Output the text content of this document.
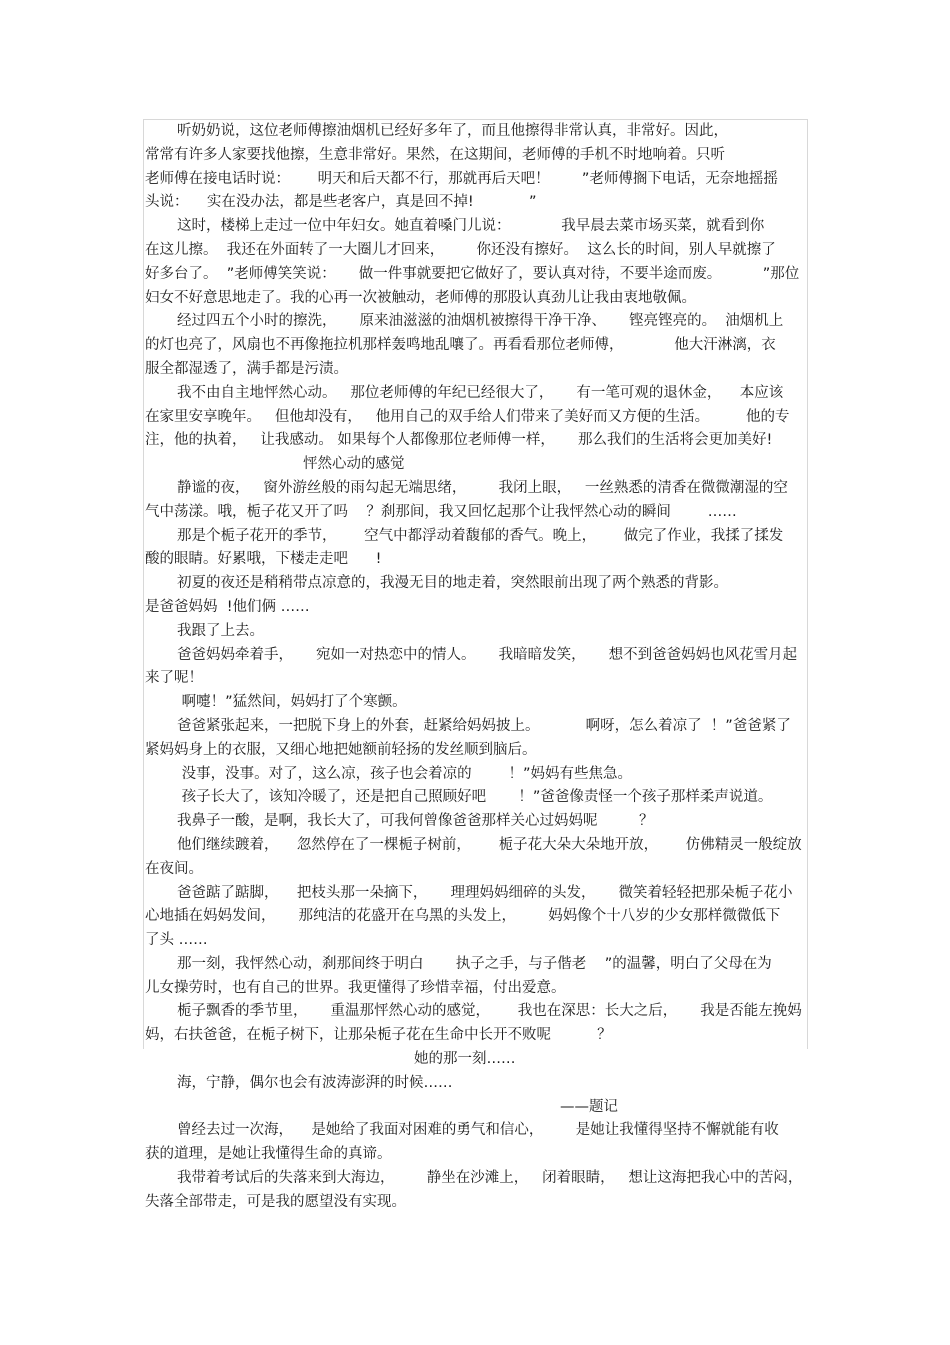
听奶奶说，这位老师傅擦油烟机已经好多年了，而且他擦得非常认真，非常好。因此，
常常有许多人家要找他擦，生意非常好。果然，在这期间，老师傅的手机不时地响着。只听
老师傅在接电话时说：      明天和后天都不行，那就再后天吧！       ”老师傅搁下电话，无奈地摇摇
头说：    实在没办法，都是些老客户，真是回不掉!            ”
这时，楼梯上走过一位中年妇女。她直着嗓门儿说：           我早晨去菜市场买菜，就看到你
在这儿擦。  我还在外面转了一大圈儿才回来，       你还没有擦好。  这么长的时间，别人早就擦了
好多台了。  ”老师傅笑笑说：     做一件事就要把它做好了，要认真对待，不要半途而废。         ”那位
妇女不好意思地走了。我的心再一次被触动，老师傅的那股认真劲儿让我由衷地敬佩。
经过四五个小时的擦洗，     原来油滋滋的油烟机被擦得干净干净、     铿亮铿亮的。  油烟机上
的灯也亮了，风扇也不再像拖拉机那样轰鸣地乱嚷了。再看看那位老师傅，           他大汗淋漓，衣
服全都湿透了，满手都是污渍。
我不由自主地怦然心动。   那位老师傅的年纪已经很大了，     有一笔可观的退休金，    本应该
在家里安享晚年。   但他却没有，   他用自己的双手给人们带来了美好而又方便的生活。        他的专
注，他的执着，   让我感动。 如果每个人都像那位老师傅一样，     那么我们的生活将会更加美好!
怦然心动的感觉
静谧的夜，   窗外游丝般的雨勾起无端思绪，       我闭上眼，   一丝熟悉的清香在微微潮湿的空
气中荡漾。哦，栀子花又开了吗    ？刹那间，我又回忆起那个让我怦然心动的瞬间        ……
那是个栀子花开的季节，      空气中都浮动着馥郁的香气。晚上，      做完了作业，我揉了揉发
酸的眼睛。好累哦，下楼走走吧      !
初夏的夜还是稍稍带点凉意的，我漫无目的地走着，突然眼前出现了两个熟悉的背影。
是爸爸妈妈  !他们俩 ……
我跟了上去。
爸爸妈妈牵着手，     宛如一对热恋中的情人。     我暗暗发笑，     想不到爸爸妈妈也风花雪月起
来了呢！
啊嚏！”猛然间，妈妈打了个寒颤。
爸爸紧张起来，一把脱下身上的外套，赶紧给妈妈披上。          啊呀，怎么着凉了  ！”爸爸紧了
紧妈妈身上的衣服，又细心地把她额前轻扬的发丝顺到脑后。
没事，没事。对了，这么凉，孩子也会着凉的        ！”妈妈有些焦急。
孩子长大了，该知冷暖了，还是把自己照顾好吧       ！”爸爸像责怪一个孩子那样柔声说道。
我鼻子一酸，是啊，我长大了，可我何曾像爸爸那样关心过妈妈呢         ？
他们继续踱着，    忽然停在了一棵栀子树前，      栀子花大朵大朵地开放，      仿佛精灵一般绽放
在夜间。
爸爸踮了踮脚，    把枝头那一朵摘下，     理理妈妈细碎的头发，     微笑着轻轻把那朵栀子花小
心地插在妈妈发间，     那纯洁的花盛开在乌黑的头发上，       妈妈像个十八岁的少女那样微微低下
了头 ……
那一刻，我怦然心动，刹那间终于明白       执子之手，与子偕老    ”的温馨，明白了父母在为
儿女操劳时，也有自己的世界。我更懂得了珍惜幸福，付出爱意。
栀子飘香的季节里，     重温那怦然心动的感觉，      我也在深思：长大之后，     我是否能左挽妈
妈，右扶爸爸，在栀子树下，让那朵栀子花在生命中长开不败呢          ？
她的那一刻……
海，宁静，偶尔也会有波涛澎湃的时候……
——题记
曾经去过一次海，    是她给了我面对困难的勇气和信心，       是她让我懂得坚持不懈就能有收
获的道理，是她让我懂得生命的真谛。
我带着考试后的失落来到大海边，       静坐在沙滩上，   闭着眼睛，   想让这海把我心中的苦闷，
失落全部带走，可是我的愿望没有实现。
